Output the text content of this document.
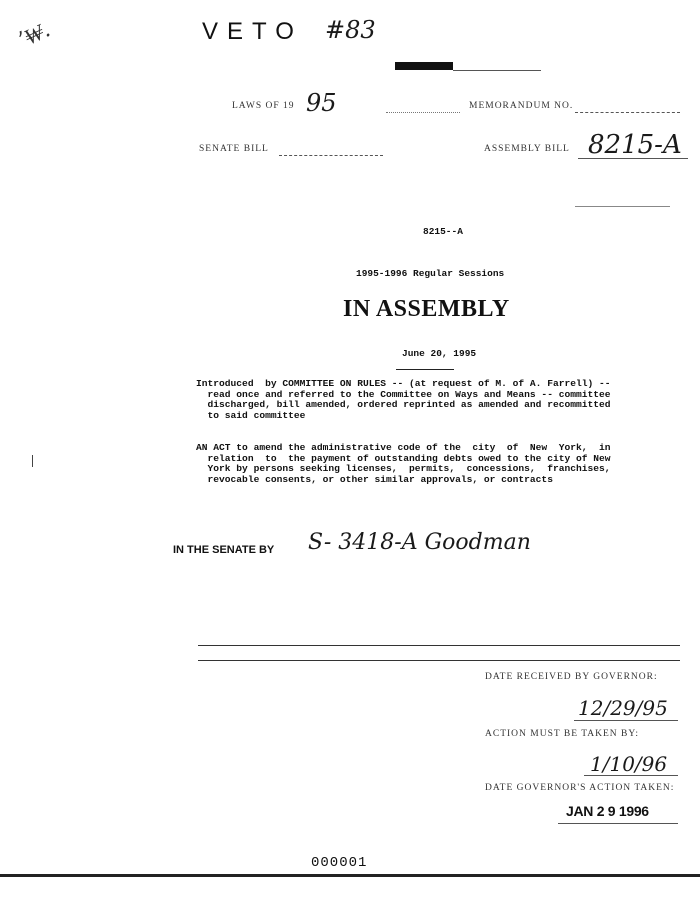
ʼ₩.	VETO #83
LAWS OF 19 95	MEMORANDUM NO.
SENATE BILL	ASSEMBLY BILL 8215-A
8215--A
1995-1996 Regular Sessions
IN ASSEMBLY
June 20, 1995
Introduced  by COMMITTEE ON RULES -- (at request of M. of A. Farrell) --
read once and referred to the Committee on Ways and Means -- committee
discharged, bill amended, ordered reprinted as amended and recommitted
to said committee
AN ACT to amend the administrative code of the  city  of  New  York,  in
relation  to  the payment of outstanding debts owed to the city of New
York by persons seeking licenses,  permits,  concessions,  franchises,
revocable consents, or other similar approvals, or contracts
IN THE SENATE BY S- 3418-A Goodman
DATE RECEIVED BY GOVERNOR:
12/29/95
ACTION MUST BE TAKEN BY:
1/10/96
DATE GOVERNOR'S ACTION TAKEN:
JAN 2 9 1996
000001
